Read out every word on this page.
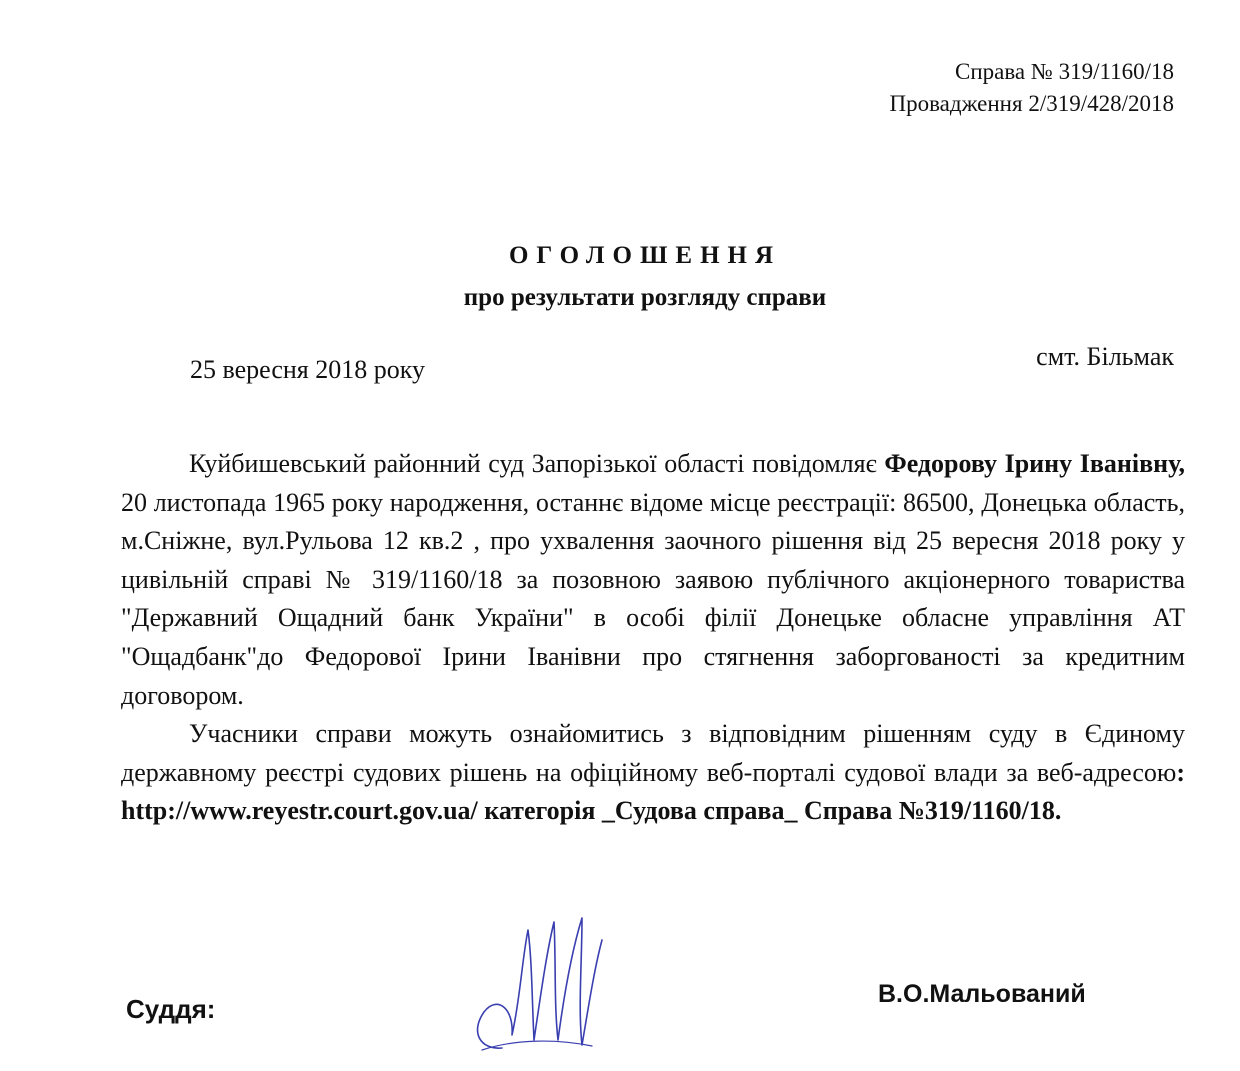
Справа № 319/1160/18
Провадження 2/319/428/2018
ОГОЛОШЕННЯ
про результати розгляду справи
25 вересня 2018 року	смт. Більмак

Куйбишевський районний суд Запорізької області повідомляє Федорову Ірину Іванівну, 20 листопада 1965 року народження, останнє відоме місце реєстрації: 86500, Донецька область, м.Сніжне, вул.Рульова 12 кв.2 , про ухвалення заочного рішення від 25 вересня 2018 року у цивільній справі № 319/1160/18 за позовною заявою публічного акціонерного товариства "Державний Ощадний банк України" в особі філії Донецьке обласне управління АТ "Ощадбанк"до Федорової Ірини Іванівни про стягнення заборгованості за кредитним договором.

Учасники справи можуть ознайомитись з відповідним рішенням суду в Єдиному державному реєстрі судових рішень на офіційному веб-порталі судової влади за веб-адресою: http://www.reyestr.court.gov.ua/ категорія _Судова справа_ Справа №319/1160/18.

Суддя:	В.О.Мальований
